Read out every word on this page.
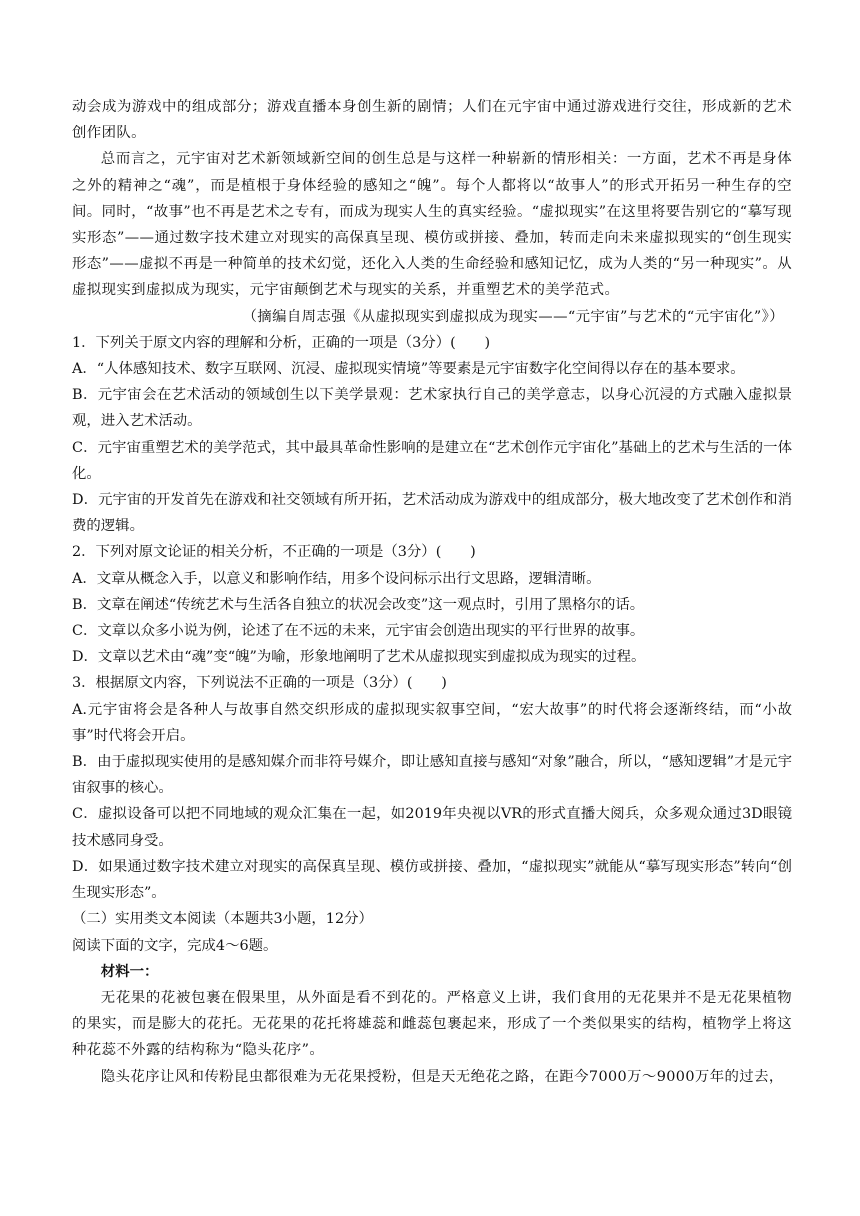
动会成为游戏中的组成部分；游戏直播本身创生新的剧情；人们在元宇宙中通过游戏进行交往，形成新的艺术创作团队。

总而言之，元宇宙对艺术新领域新空间的创生总是与这样一种崭新的情形相关：一方面，艺术不再是身体之外的精神之“魂”，而是植根于身体经验的感知之“魄”。每个人都将以“故事人”的形式开拓另一种生存的空间。同时，“故事”也不再是艺术之专有，而成为现实人生的真实经验。“虚拟现实”在这里将要告别它的“摹写现实形态”——通过数字技术建立对现实的高保真呈现、模仿或拼接、叠加，转而走向未来虚拟现实的“创生现实形态”——虚拟不再是一种简单的技术幻觉，还化入人类的生命经验和感知记忆，成为人类的“另一种现实”。从虚拟现实到虚拟成为现实，元宇宙颠倒艺术与现实的关系，并重塑艺术的美学范式。

（摘编自周志强《从虚拟现实到虚拟成为现实——“元宇宙”与艺术的“元宇宙化”》）

1．下列关于原文内容的理解和分析，正确的一项是（3分）(　　)

A．“人体感知技术、数字互联网、沉浸、虚拟现实情境”等要素是元宇宙数字化空间得以存在的基本要求。

B．元宇宙会在艺术活动的领域创生以下美学景观：艺术家执行自己的美学意志，以身心沉浸的方式融入虚拟景观，进入艺术活动。

C．元宇宙重塑艺术的美学范式，其中最具革命性影响的是建立在“艺术创作元宇宙化”基础上的艺术与生活的一体化。

D．元宇宙的开发首先在游戏和社交领域有所开拓，艺术活动成为游戏中的组成部分，极大地改变了艺术创作和消费的逻辑。

2．下列对原文论证的相关分析，不正确的一项是（3分）(　　)

A．文章从概念入手，以意义和影响作结，用多个设问标示出行文思路，逻辑清晰。

B．文章在阐述“传统艺术与生活各自独立的状况会改变”这一观点时，引用了黑格尔的话。

C．文章以众多小说为例，论述了在不远的未来，元宇宙会创造出现实的平行世界的故事。

D．文章以艺术由“魂”变“魄”为喻，形象地阐明了艺术从虚拟现实到虚拟成为现实的过程。

3．根据原文内容，下列说法不正确的一项是（3分）(　　)

A.元宇宙将会是各种人与故事自然交织形成的虚拟现实叙事空间，“宏大故事”的时代将会逐渐终结，而“小故事”时代将会开启。

B．由于虚拟现实使用的是感知媒介而非符号媒介，即让感知直接与感知“对象”融合，所以，“感知逻辑”才是元宇宙叙事的核心。

C．虚拟设备可以把不同地域的观众汇集在一起，如2019年央视以VR的形式直播大阅兵，众多观众通过3D眼镜技术感同身受。

D．如果通过数字技术建立对现实的高保真呈现、模仿或拼接、叠加，“虚拟现实”就能从“摹写现实形态”转向“创生现实形态”。

（二）实用类文本阅读（本题共3小题，12分）

阅读下面的文字，完成4～6题。

材料一：

无花果的花被包裹在假果里，从外面是看不到花的。严格意义上讲，我们食用的无花果并不是无花果植物的果实，而是膨大的花托。无花果的花托将雄蕊和雌蕊包裹起来，形成了一个类似果实的结构，植物学上将这种花蕊不外露的结构称为“隐头花序”。

隐头花序让风和传粉昆虫都很难为无花果授粉，但是天无绝花之路，在距今7000万～9000万年的过去，
